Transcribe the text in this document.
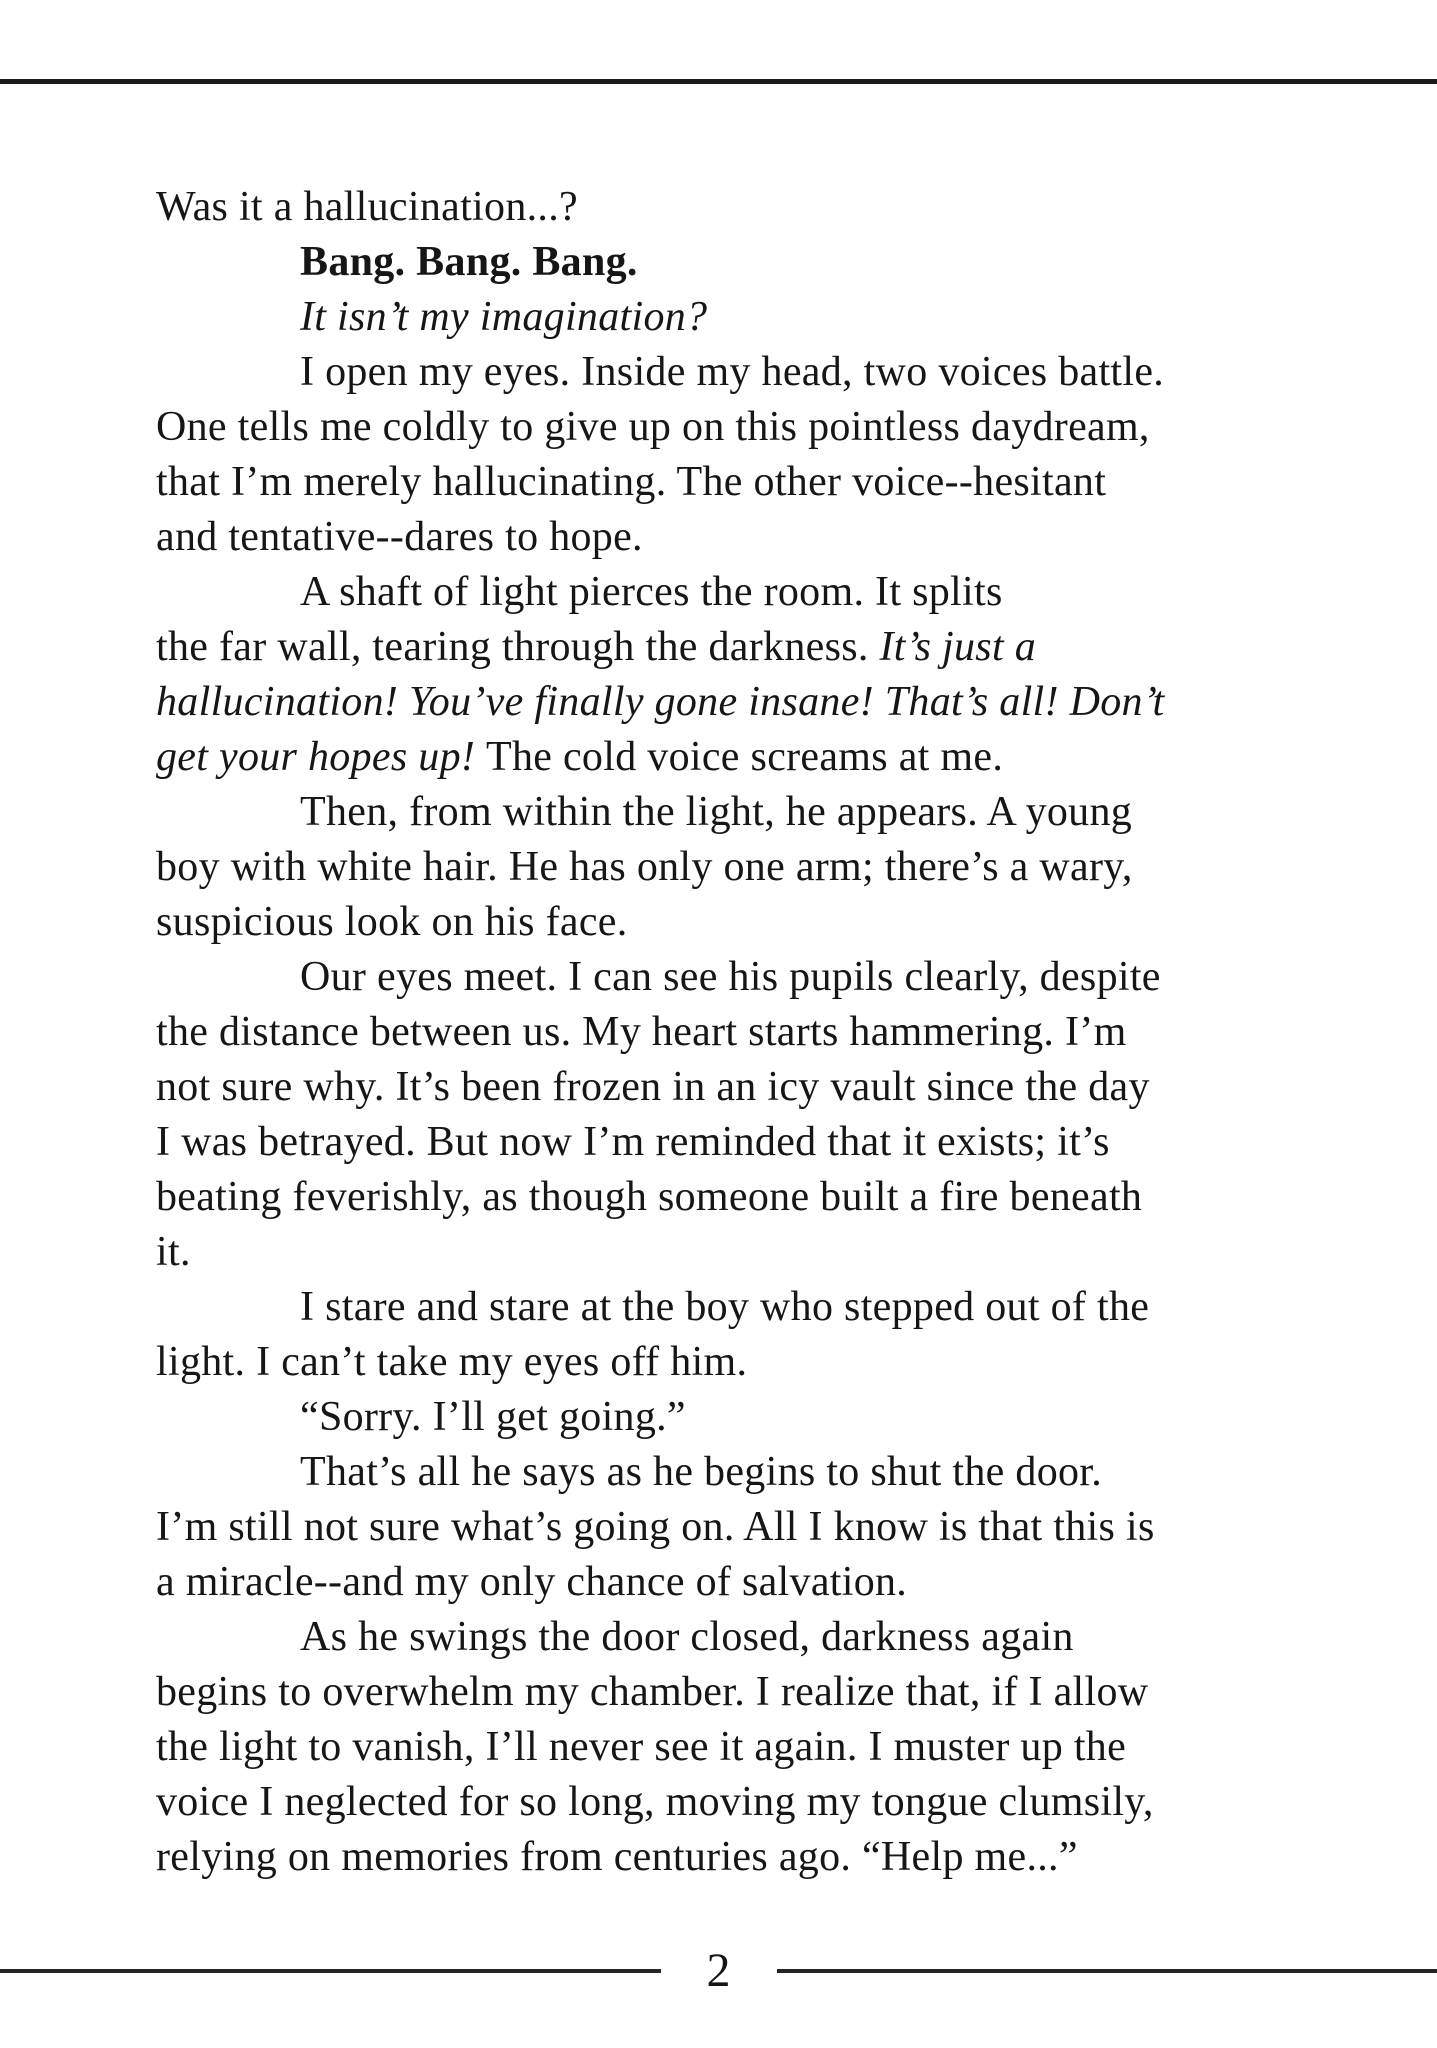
Was it a hallucination...?
Bang. Bang. Bang.
It isn’t my imagination?
I open my eyes. Inside my head, two voices battle.
One tells me coldly to give up on this pointless daydream,
that I’m merely hallucinating. The other voice--hesitant
and tentative--dares to hope.
A shaft of light pierces the room. It splits
the far wall, tearing through the darkness. It’s just a
hallucination! You’ve finally gone insane! That’s all! Don’t
get your hopes up! The cold voice screams at me.
Then, from within the light, he appears. A young
boy with white hair. He has only one arm; there’s a wary,
suspicious look on his face.
Our eyes meet. I can see his pupils clearly, despite
the distance between us. My heart starts hammering. I’m
not sure why. It’s been frozen in an icy vault since the day
I was betrayed. But now I’m reminded that it exists; it’s
beating feverishly, as though someone built a fire beneath
it.
I stare and stare at the boy who stepped out of the
light. I can’t take my eyes off him.
“Sorry. I’ll get going.”
That’s all he says as he begins to shut the door.
I’m still not sure what’s going on. All I know is that this is
a miracle--and my only chance of salvation.
As he swings the door closed, darkness again
begins to overwhelm my chamber. I realize that, if I allow
the light to vanish, I’ll never see it again. I muster up the
voice I neglected for so long, moving my tongue clumsily,
relying on memories from centuries ago. “Help me...”
2
